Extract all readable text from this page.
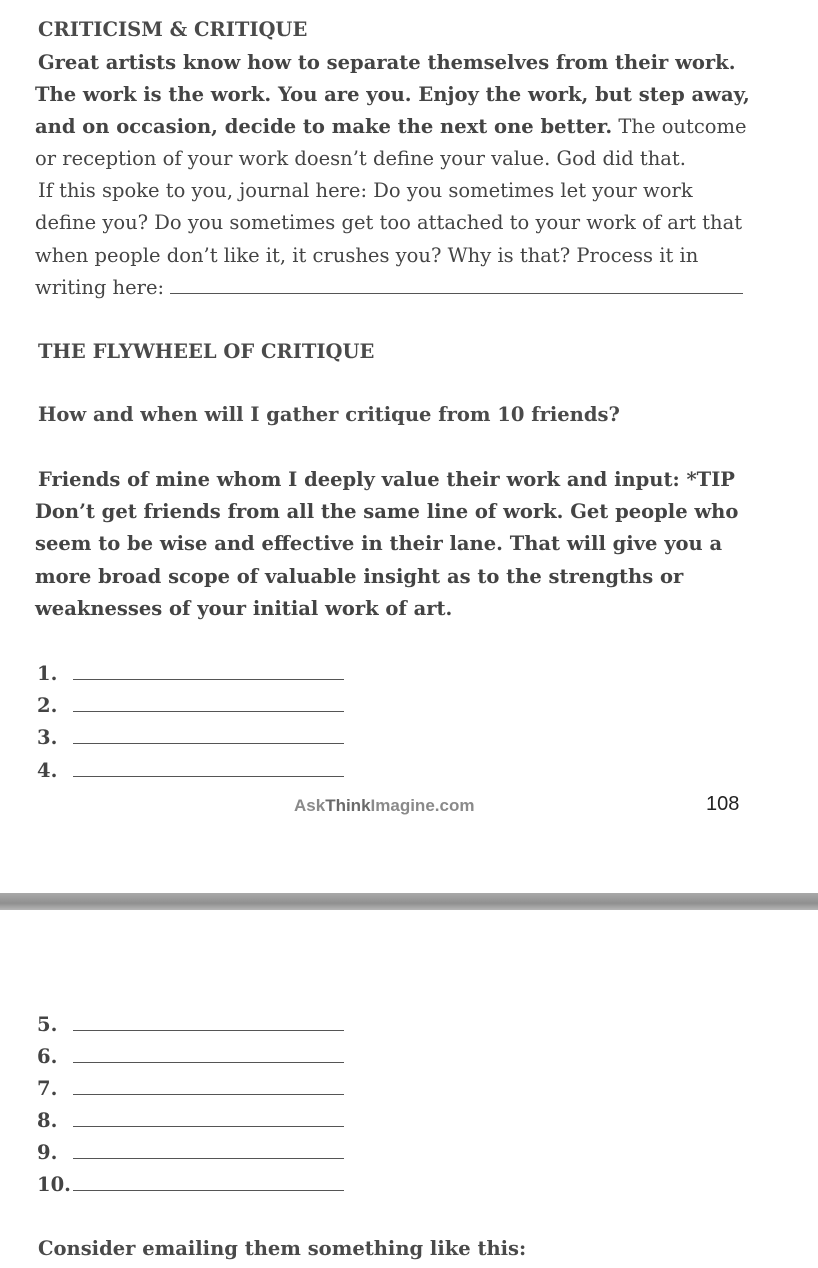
CRITICISM & CRITIQUE
Great artists know how to separate themselves from their work.
The work is the work. You are you. Enjoy the work, but step away,
and on occasion, decide to make the next one better. The outcome
or reception of your work doesn’t define your value. God did that.
If this spoke to you, journal here: Do you sometimes let your work
define you? Do you sometimes get too attached to your work of art that
when people don’t like it, it crushes you? Why is that? Process it in
writing here:
THE FLYWHEEL OF CRITIQUE
How and when will I gather critique from 10 friends?
Friends of mine whom I deeply value their work and input: *TIP
Don’t get friends from all the same line of work. Get people who
seem to be wise and effective in their lane. That will give you a
more broad scope of valuable insight as to the strengths or
weaknesses of your initial work of art.
1.
2.
3.
4.
AskThinkImagine.com	108
5.
6.
7.
8.
9.
10.
Consider emailing them something like this:
